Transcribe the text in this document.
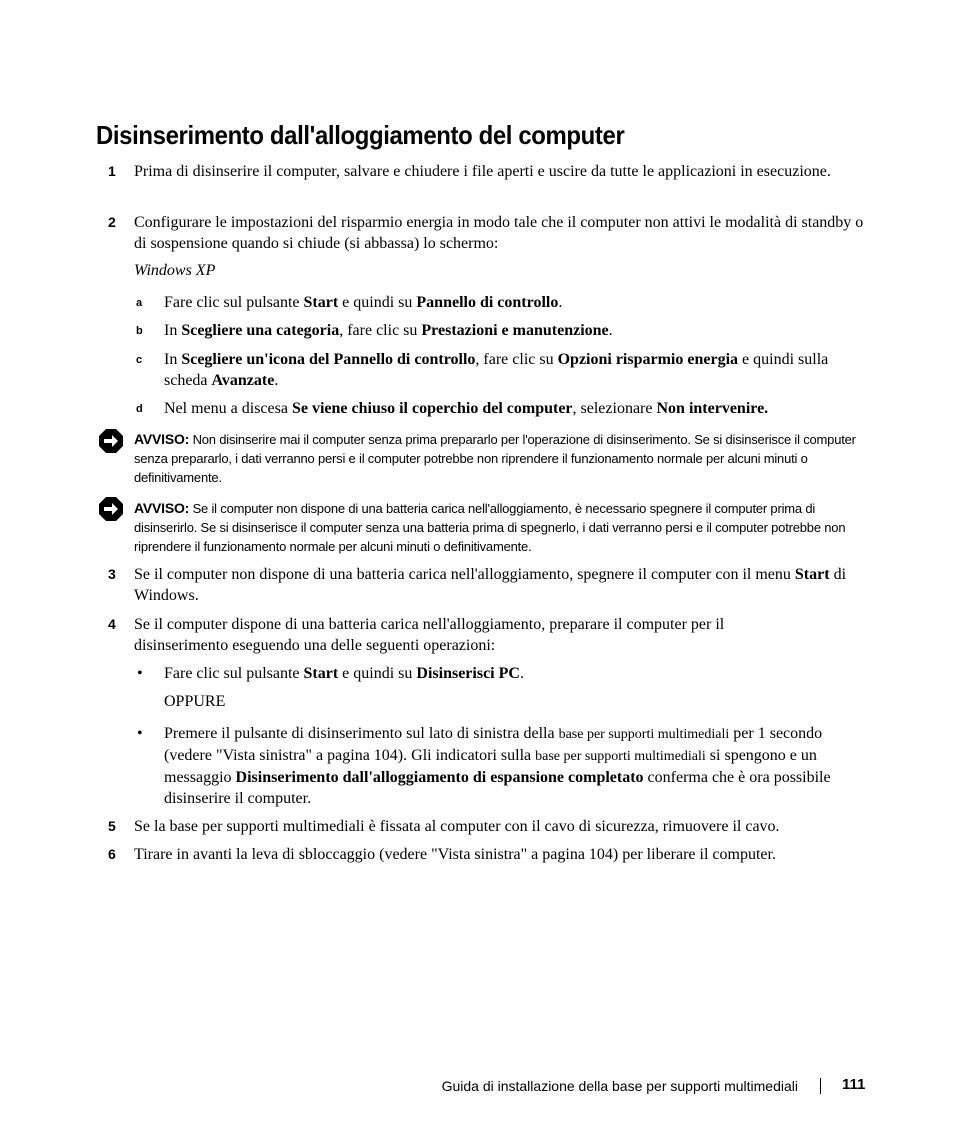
Disinserimento dall'alloggiamento del computer
1 Prima di disinserire il computer, salvare e chiudere i file aperti e uscire da tutte le applicazioni in esecuzione.
2 Configurare le impostazioni del risparmio energia in modo tale che il computer non attivi le modalità di standby o di sospensione quando si chiude (si abbassa) lo schermo:
Windows XP
a Fare clic sul pulsante Start e quindi su Pannello di controllo.
b In Scegliere una categoria, fare clic su Prestazioni e manutenzione.
c In Scegliere un'icona del Pannello di controllo, fare clic su Opzioni risparmio energia e quindi sulla scheda Avanzate.
d Nel menu a discesa Se viene chiuso il coperchio del computer, selezionare Non intervenire.
AVVISO: Non disinserire mai il computer senza prima prepararlo per l'operazione di disinserimento. Se si disinserisce il computer senza prepararlo, i dati verranno persi e il computer potrebbe non riprendere il funzionamento normale per alcuni minuti o definitivamente.
AVVISO: Se il computer non dispone di una batteria carica nell'alloggiamento, è necessario spegnere il computer prima di disinserirlo. Se si disinserisce il computer senza una batteria prima di spegnerlo, i dati verranno persi e il computer potrebbe non riprendere il funzionamento normale per alcuni minuti o definitivamente.
3 Se il computer non dispone di una batteria carica nell'alloggiamento, spegnere il computer con il menu Start di Windows.
4 Se il computer dispone di una batteria carica nell'alloggiamento, preparare il computer per il disinserimento eseguendo una delle seguenti operazioni:
• Fare clic sul pulsante Start e quindi su Disinserisci PC.
OPPURE
• Premere il pulsante di disinserimento sul lato di sinistra della base per supporti multimediali per 1 secondo (vedere "Vista sinistra" a pagina 104). Gli indicatori sulla base per supporti multimediali si spengono e un messaggio Disinserimento dall'alloggiamento di espansione completato conferma che è ora possibile disinserire il computer.
5 Se la base per supporti multimediali è fissata al computer con il cavo di sicurezza, rimuovere il cavo.
6 Tirare in avanti la leva di sbloccaggio (vedere "Vista sinistra" a pagina 104) per liberare il computer.
Guida di installazione della base per supporti multimediali	111
